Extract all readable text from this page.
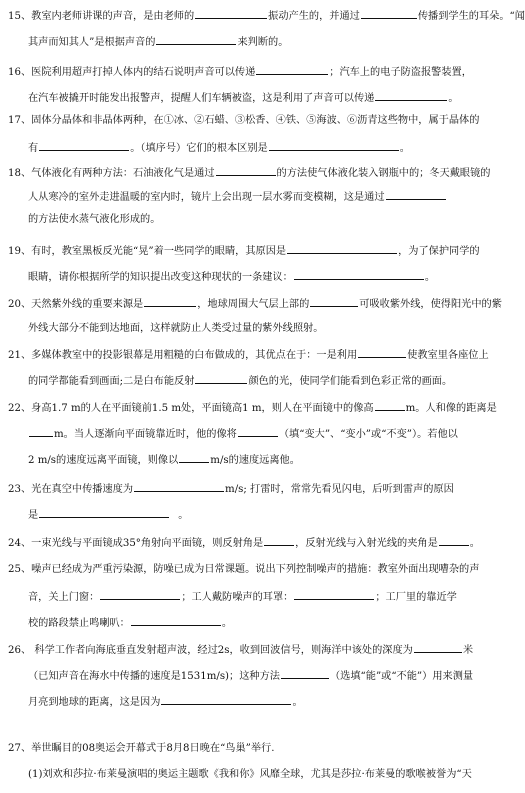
15、教室内老师讲课的声音，是由老师的	振动产生的，并通过	传播到学生的耳朵。“闻
其声而知其人”是根据声音的	来判断的。
16、医院利用超声打掉人体内的结石说明声音可以传递	；汽车上的电子防盗报警装置，
在汽车被撬开时能发出报警声，提醒人们车辆被盗，这是利用了声音可以传递	。
17、固体分晶体和非晶体两种，在①冰、②石蜡、③松香、④铁、⑤海波、⑥沥青这些物中，属于晶体的
有	。（填序号）它们的根本区别是	。
18、气体液化有两种方法：石油液化气是通过	的方法使气体液化装入钢瓶中的；冬天戴眼镜的
人从寒冷的室外走进温暖的室内时，镜片上会出现一层水雾而变模糊，这是通过
的方法使水蒸气液化形成的。
19、有时，教室黑板反光能“晃”着一些同学的眼睛，其原因是	，为了保护同学的
眼睛，请你根据所学的知识提出改变这种现状的一条建议：	。
20、天然紫外线的重要来源是	，地球周围大气层上部的	可吸收紫外线，使得阳光中的紫
外线大部分不能到达地面，这样就防止人类受过量的紫外线照射。
21、多媒体教室中的投影银幕是用粗糙的白布做成的，其优点在于：一是利用	使教室里各座位上
的同学都能看到画面;二是白布能反射	颜色的光，使同学们能看到色彩正常的画面。
22、身高1.7 m的人在平面镜前1.5 m处，平面镜高1 m，则人在平面镜中的像高	m。人和像的距离是
m。当人逐渐向平面镜靠近时，他的像将	（填“变大”、“变小”或“不变”）。若他以
2 m/s的速度远离平面镜，则像以	m/s的速度远离他。
23、光在真空中传播速度为	m/s; 打雷时，常常先看见闪电，后听到雷声的原因
是	。
24、一束光线与平面镜成35°角射向平面镜，则反射角是	，反射光线与入射光线的夹角是	。
25、噪声已经成为严重污染源，防噪已成为日常课题。说出下列控制噪声的措施：教室外面出现嘈杂的声
音，关上门窗：	；工人戴防噪声的耳罩：	；工厂里的靠近学
校的路段禁止鸣喇叭：	。
26、 科学工作者向海底垂直发射超声波，经过2s，收到回波信号，则海洋中该处的深度为	米
（已知声音在海水中传播的速度是1531m/s)；这种方法	（选填“能”或“不能”）用来测量
月亮到地球的距离，这是因为	。
27、举世瞩目的08奥运会开幕式于8月8日晚在“鸟巢”举行.
(1)刘欢和莎拉·布莱曼演唱的奥运主题歌《我和你》风靡全球，尤其是莎拉·布莱曼的歌喉被誉为“天
